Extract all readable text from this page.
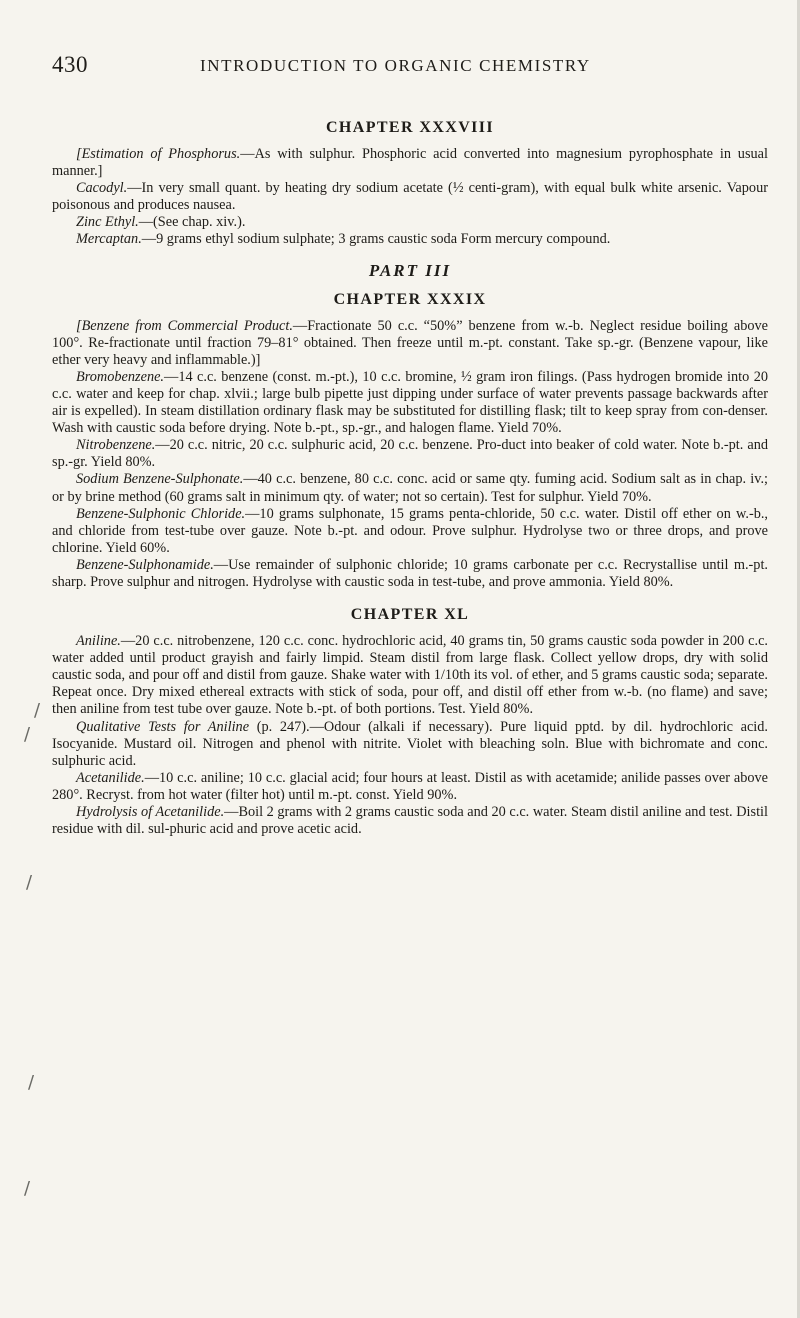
430	INTRODUCTION TO ORGANIC CHEMISTRY
/
/
/
/
/
CHAPTER XXXVIII

[Estimation of Phosphorus.—As with sulphur. Phosphoric acid converted into magnesium pyrophosphate in usual manner.]

Cacodyl.—In very small quant. by heating dry sodium acetate (½ centi-gram), with equal bulk white arsenic. Vapour poisonous and produces nausea.

Zinc Ethyl.—(See chap. xiv.).

Mercaptan.—9 grams ethyl sodium sulphate; 3 grams caustic soda Form mercury compound.

PART III
CHAPTER XXXIX

[Benzene from Commercial Product.—Fractionate 50 c.c. “50%” benzene from w.-b. Neglect residue boiling above 100°. Re-fractionate until fraction 79–81° obtained. Then freeze until m.-pt. constant. Take sp.-gr. (Benzene vapour, like ether very heavy and inflammable.)]

Bromobenzene.—14 c.c. benzene (const. m.-pt.), 10 c.c. bromine, ½ gram iron filings. (Pass hydrogen bromide into 20 c.c. water and keep for chap. xlvii.; large bulb pipette just dipping under surface of water prevents passage backwards after air is expelled). In steam distillation ordinary flask may be substituted for distilling flask; tilt to keep spray from con-denser. Wash with caustic soda before drying. Note b.-pt., sp.-gr., and halogen flame. Yield 70%.

Nitrobenzene.—20 c.c. nitric, 20 c.c. sulphuric acid, 20 c.c. benzene. Pro-duct into beaker of cold water. Note b.-pt. and sp.-gr. Yield 80%.

Sodium Benzene-Sulphonate.—40 c.c. benzene, 80 c.c. conc. acid or same qty. fuming acid. Sodium salt as in chap. iv.; or by brine method (60 grams salt in minimum qty. of water; not so certain). Test for sulphur. Yield 70%.

Benzene-Sulphonic Chloride.—10 grams sulphonate, 15 grams penta-chloride, 50 c.c. water. Distil off ether on w.-b., and chloride from test-tube over gauze. Note b.-pt. and odour. Prove sulphur. Hydrolyse two or three drops, and prove chlorine. Yield 60%.

Benzene-Sulphonamide.—Use remainder of sulphonic chloride; 10 grams carbonate per c.c. Recrystallise until m.-pt. sharp. Prove sulphur and nitrogen. Hydrolyse with caustic soda in test-tube, and prove ammonia. Yield 80%.

CHAPTER XL

Aniline.—20 c.c. nitrobenzene, 120 c.c. conc. hydrochloric acid, 40 grams tin, 50 grams caustic soda powder in 200 c.c. water added until product grayish and fairly limpid. Steam distil from large flask. Collect yellow drops, dry with solid caustic soda, and pour off and distil from gauze. Shake water with 1/10th its vol. of ether, and 5 grams caustic soda; separate. Repeat once. Dry mixed ethereal extracts with stick of soda, pour off, and distil off ether from w.-b. (no flame) and save; then aniline from test tube over gauze. Note b.-pt. of both portions. Test. Yield 80%.

Qualitative Tests for Aniline (p. 247).—Odour (alkali if necessary). Pure liquid pptd. by dil. hydrochloric acid. Isocyanide. Mustard oil. Nitrogen and phenol with nitrite. Violet with bleaching soln. Blue with bichromate and conc. sulphuric acid.

Acetanilide.—10 c.c. aniline; 10 c.c. glacial acid; four hours at least. Distil as with acetamide; anilide passes over above 280°. Recryst. from hot water (filter hot) until m.-pt. const. Yield 90%.

Hydrolysis of Acetanilide.—Boil 2 grams with 2 grams caustic soda and 20 c.c. water. Steam distil aniline and test. Distil residue with dil. sul-phuric acid and prove acetic acid.
